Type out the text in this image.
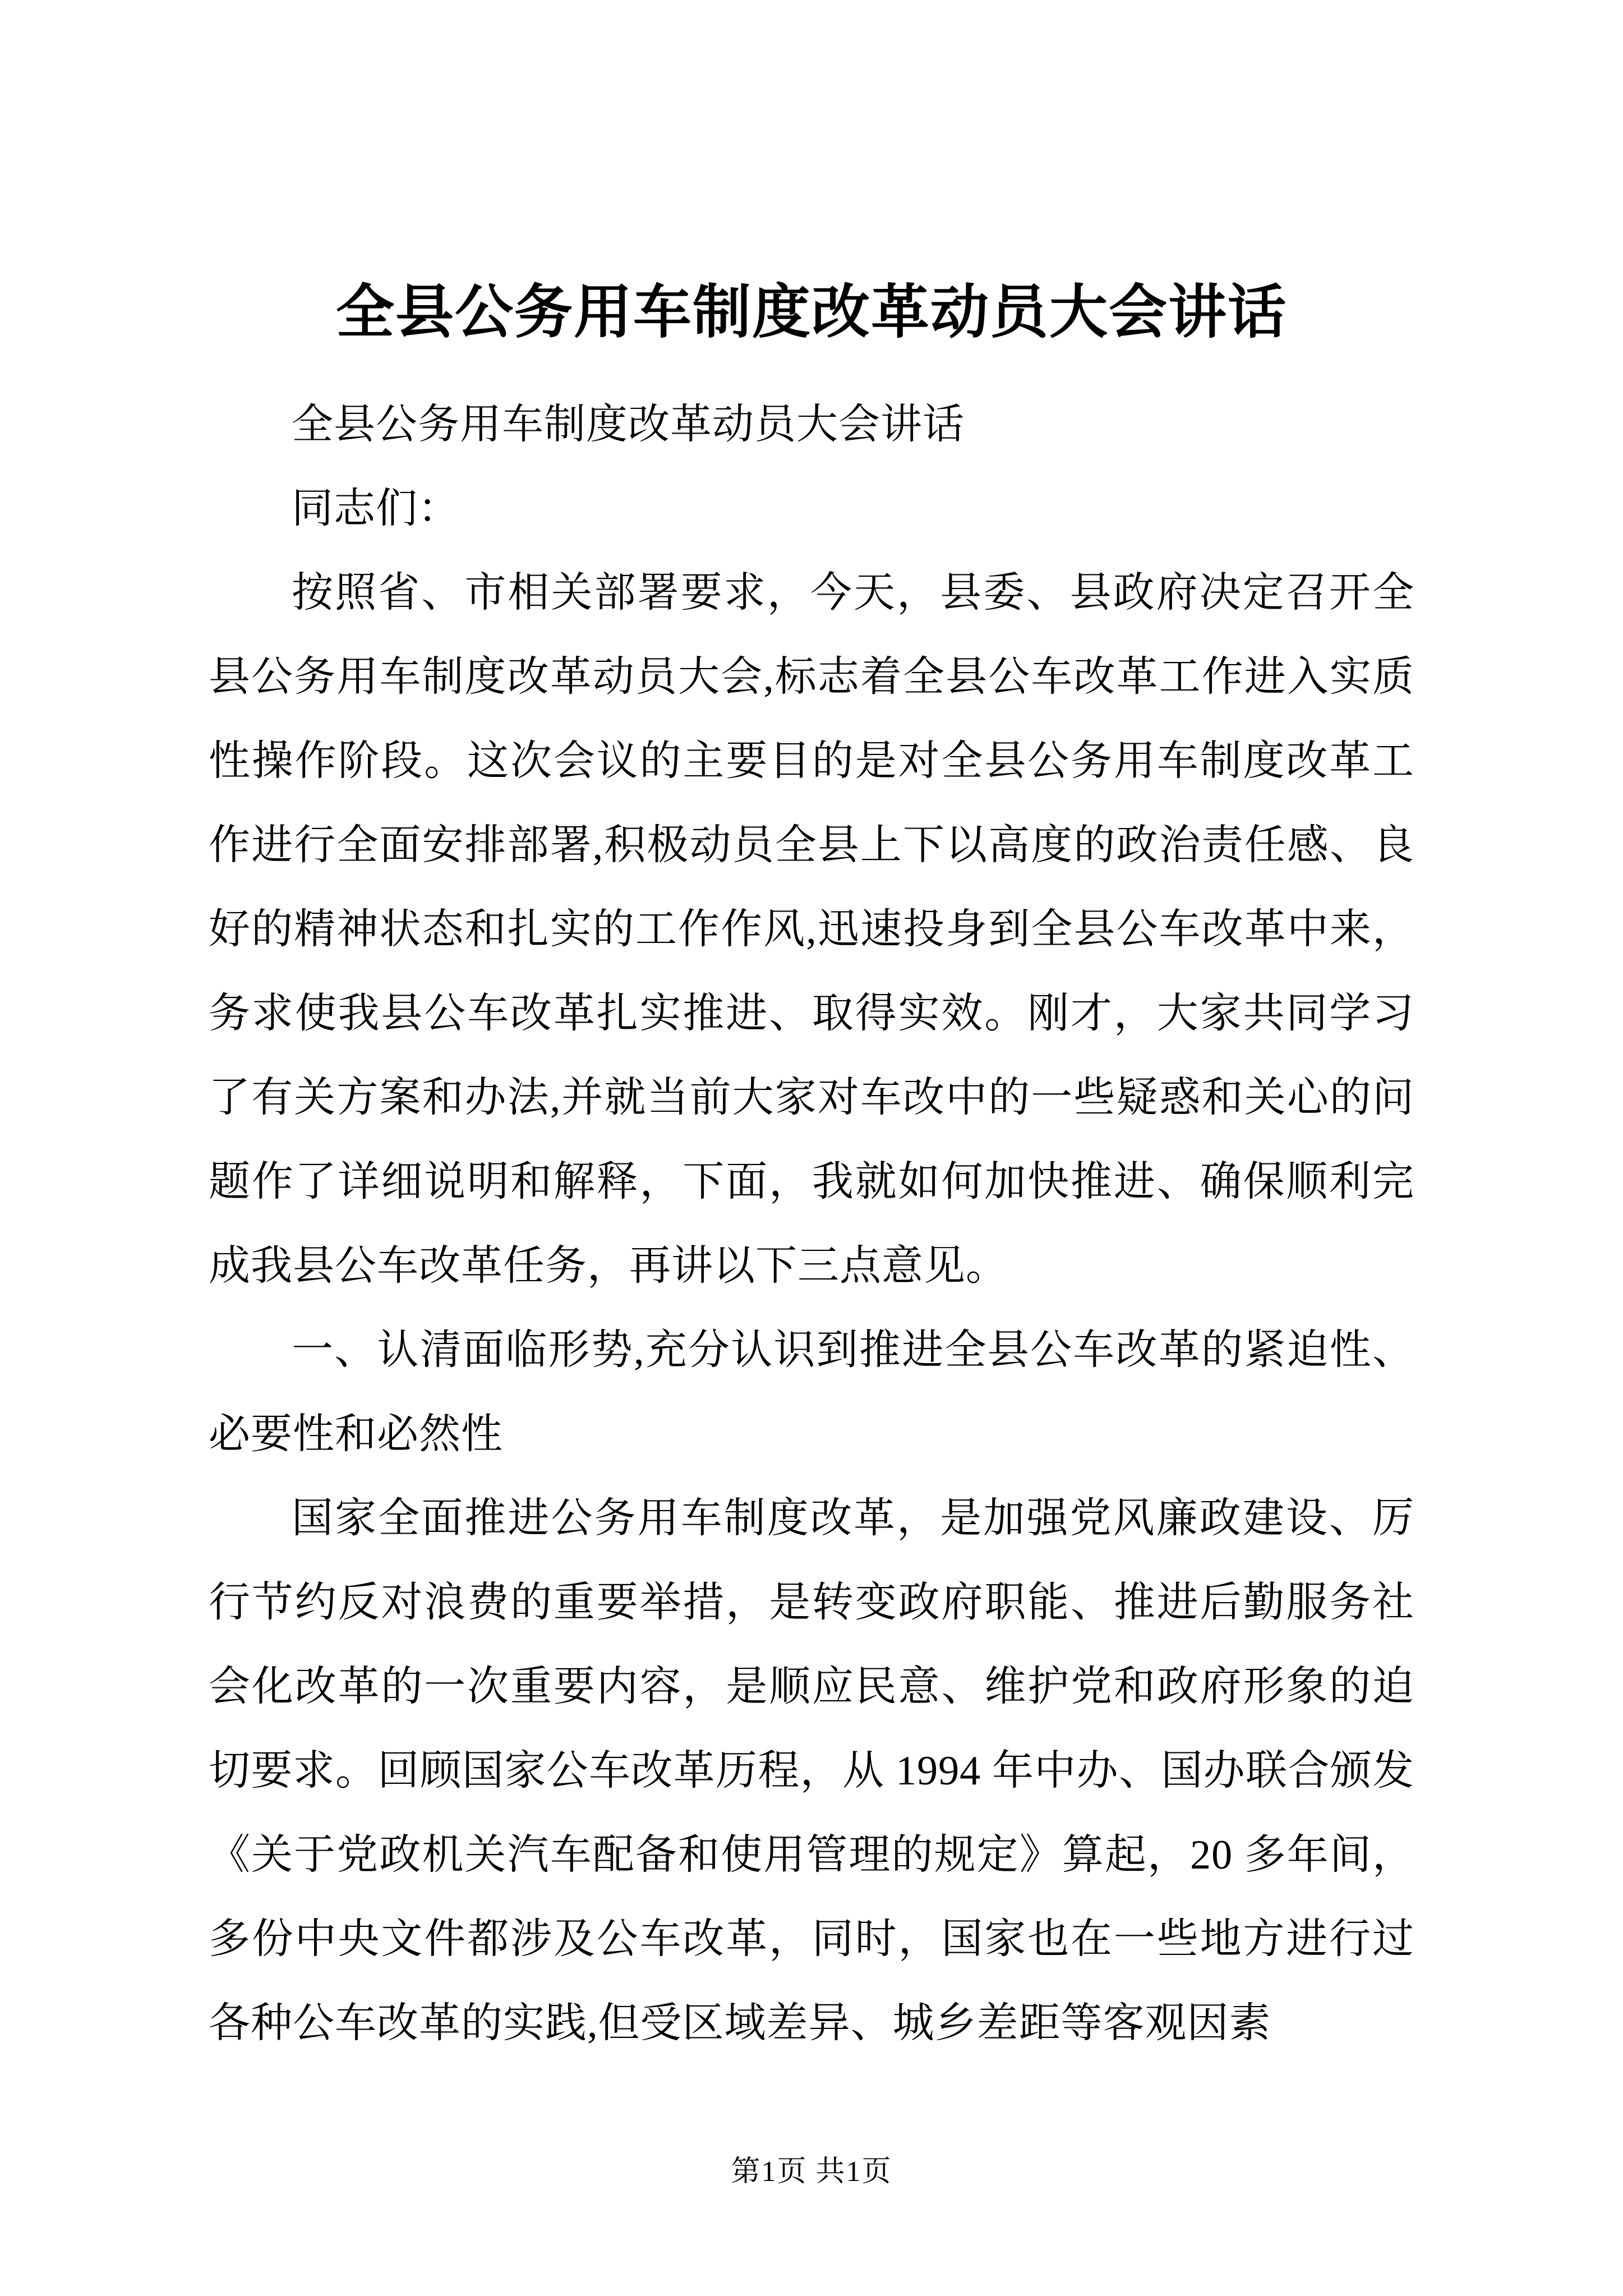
全县公务用车制度改革动员大会讲话

全县公务用车制度改革动员大会讲话

同志们：

按照省、市相关部署要求，今天，县委、县政府决定召开全县公务用车制度改革动员大会,标志着全县公车改革工作进入实质性操作阶段。这次会议的主要目的是对全县公务用车制度改革工作进行全面安排部署,积极动员全县上下以高度的政治责任感、良好的精神状态和扎实的工作作风,迅速投身到全县公车改革中来，务求使我县公车改革扎实推进、取得实效。刚才，大家共同学习了有关方案和办法,并就当前大家对车改中的一些疑惑和关心的问题作了详细说明和解释，下面，我就如何加快推进、确保顺利完成我县公车改革任务，再讲以下三点意见。

一、认清面临形势,充分认识到推进全县公车改革的紧迫性、必要性和必然性

国家全面推进公务用车制度改革，是加强党风廉政建设、厉行节约反对浪费的重要举措，是转变政府职能、推进后勤服务社会化改革的一次重要内容，是顺应民意、维护党和政府形象的迫切要求。回顾国家公车改革历程，从 1994 年中办、国办联合颁发《关于党政机关汽车配备和使用管理的规定》算起，20 多年间，多份中央文件都涉及公车改革，同时，国家也在一些地方进行过各种公车改革的实践,但受区域差异、城乡差距等客观因素

第1页 共1页
